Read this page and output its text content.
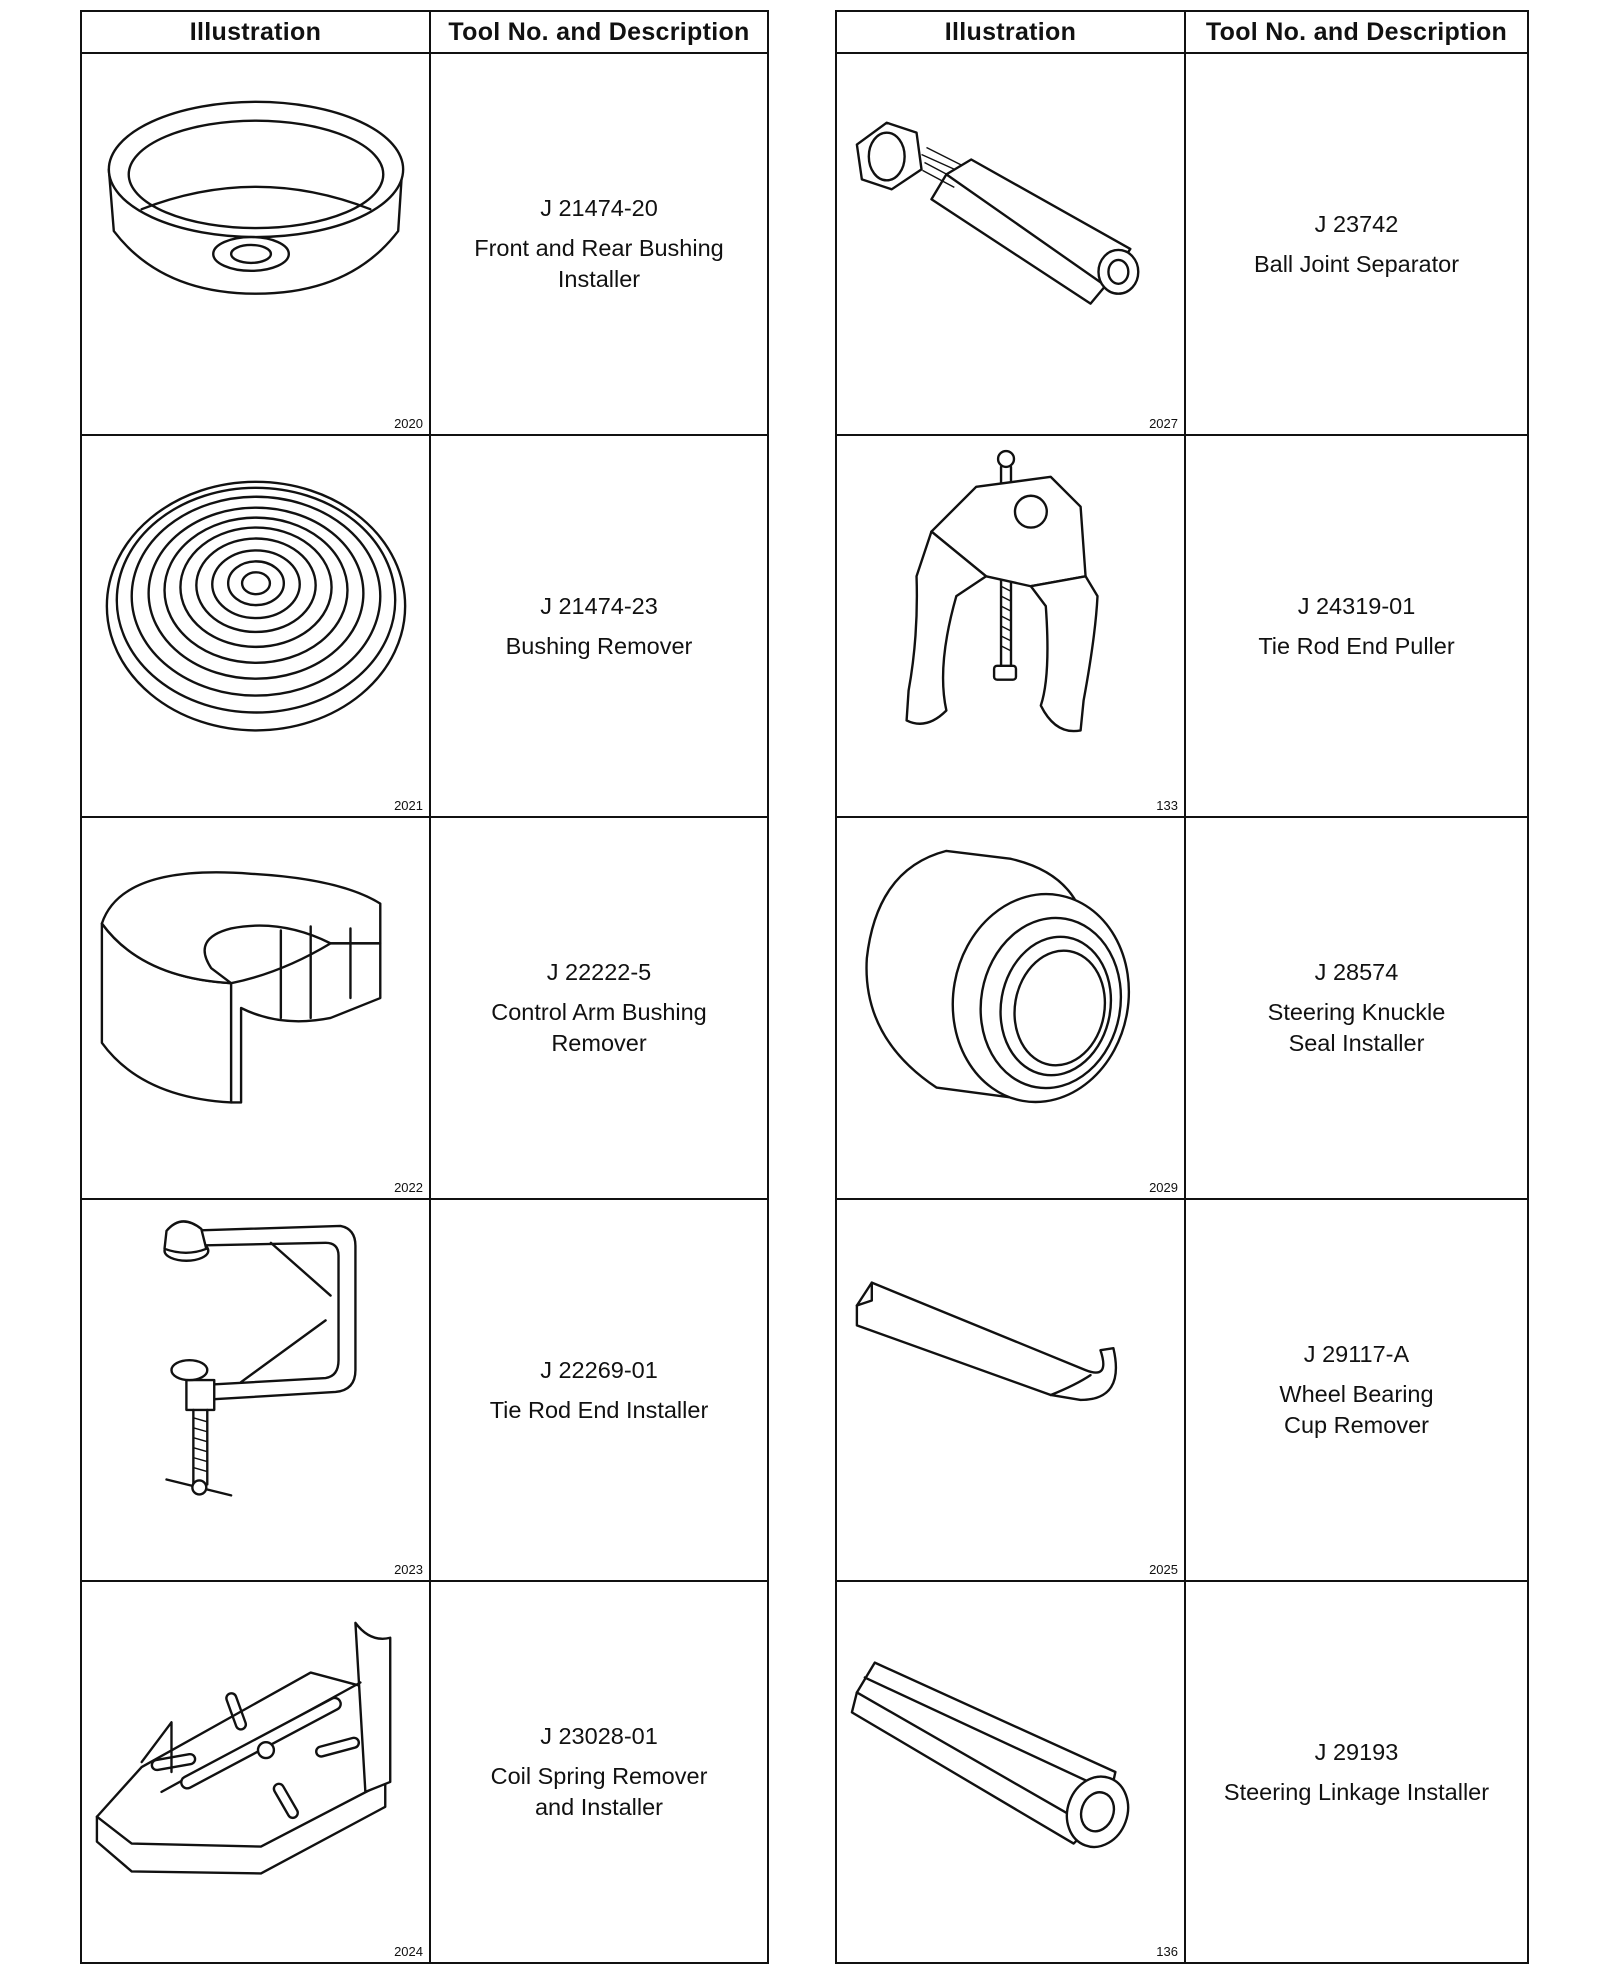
Illustration	Tool No. and Description

2020	J 21474-20
Front and Rear Bushing
Installer

2021	J 21474-23
Bushing Remover

2022	J 22222-5
Control Arm Bushing
Remover

2023	J 22269-01
Tie Rod End Installer

2024	J 23028-01
Coil Spring Remover
and Installer
Illustration	Tool No. and Description

2027	J 23742
Ball Joint Separator

133	J 24319-01
Tie Rod End Puller

2029	J 28574
Steering Knuckle
Seal Installer

2025	J 29117-A
Wheel Bearing
Cup Remover

136	J 29193
Steering Linkage Installer
